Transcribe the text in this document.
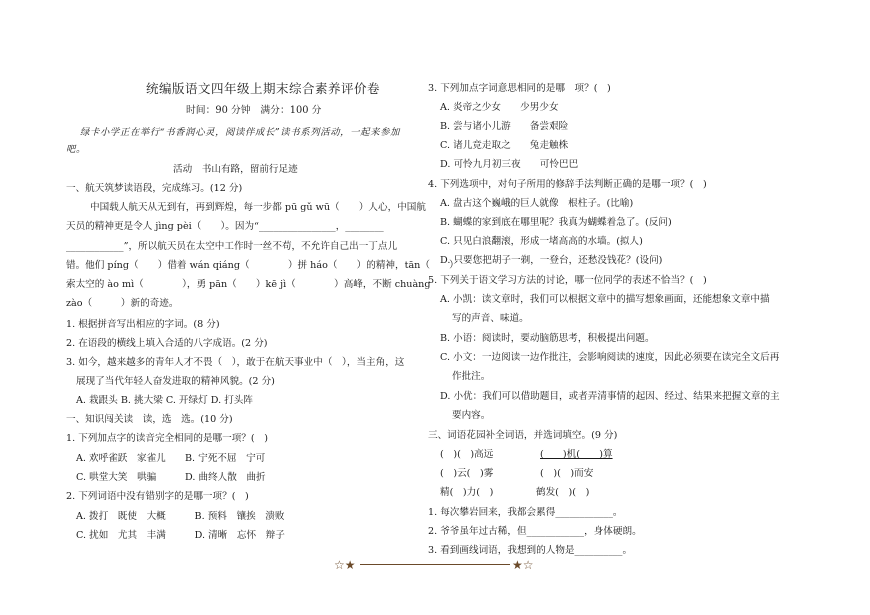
统编版语文四年级上期末综合素养评价卷
时间：90 分钟　满分：100 分
绿卡小学正在举行“书香润心灵，阅读伴成长”读书系列活动，一起来参加
吧。
活动　书山有路，留前行足迹
一、航天筑梦读语段，完成练习。(12 分)
中国载人航天从无到有，再到辉煌，每一步都 pū gǔ wū（　　）人心，中国航
天员的精神更是令人 jìng pèi（　　）。因为“________________，________
____________”，所以航天员在太空中工作时一丝不苟，不允许自己出一丁点儿
错。他们 píng（　　）借着 wán qiáng（　　　　）拼 háo（　　）的精神，tān（　　）
索太空的 ào mì（　　　　），勇 pān（　　）kē jì（　　　　）高峰，不断 chuàng
zào（　　　）新的奇迹。
1. 根据拼音写出相应的字词。(8 分)
2. 在语段的横线上填入合适的八字成语。(2 分)
3. 如今，越来越多的青年人才不畏（　），敢于在航天事业中（　），当主角，这
展现了当代年轻人奋发进取的精神风貌。(2 分)
A. 栽跟头 B. 挑大梁 C. 开绿灯 D. 打头阵
一、知识闯关读　读，选　选。(10 分)
1. 下列加点字的读音完全相同的是哪一项？(　)
A. 欢呼雀跃　家雀儿　　B. 宁死不屈　宁可
C. 哄堂大笑　哄骗　　　D. 曲终人散　曲折
2. 下列词语中没有错别字的是哪一项？(　)
A. 拨打　既使　大概　　　B. 预料　镶挨　溃败
C. 扰如　尤其　丰满　　　D. 清晰　忘怀　辩子
3. 下列加点字词意思相同的是哪　项？(　)
A. 炎帝之少女　　少男少女
B. 尝与诸小儿游　　备尝艰险
C. 诸儿竞走取之　　兔走触株
D. 可怜九月初三夜　　可怜巴巴
4. 下列选项中，对句子所用的修辞手法判断正确的是哪一项？(　)
A. 盘古这个巍峨的巨人就像　根柱子。(比喻)
B. 蝴蝶的家到底在哪里呢？我真为蝴蝶着急了。(反问)
C. 只见白浪翻滚，形成一堵高高的水墙。(拟人)
D. 只要您把胡子一剃，一登台，还愁没钱花？(设问)
5. 下列关于语文学习方法的讨论，哪一位同学的表述不恰当？(　)
A. 小凯：读文章时，我们可以根据文章中的描写想象画面，还能想象文章中描
写的声音、味道。
B. 小语：阅读时，要动脑筋思考，积极提出问题。
C. 小文：一边阅读一边作批注，会影响阅读的速度，因此必须要在读完全文后再
作批注。
D. 小优：我们可以借助题目，或者弄清事情的起因、经过、结果来把握文章的主
要内容。
三、词语花园补全词语，并选词填空。(9 分)
(　)(　)高远	(　　)机(　　)算
(　)云(　)雾	(　)(　)而安
精(　)力(　)	鹤发(　)(　)
1. 每次攀岩回来，我都会累得____________。
2. 爷爷虽年过古稀，但____________，身体硬朗。
3. 看到画线词语，我想到的人物是__________。
☆★	★☆
